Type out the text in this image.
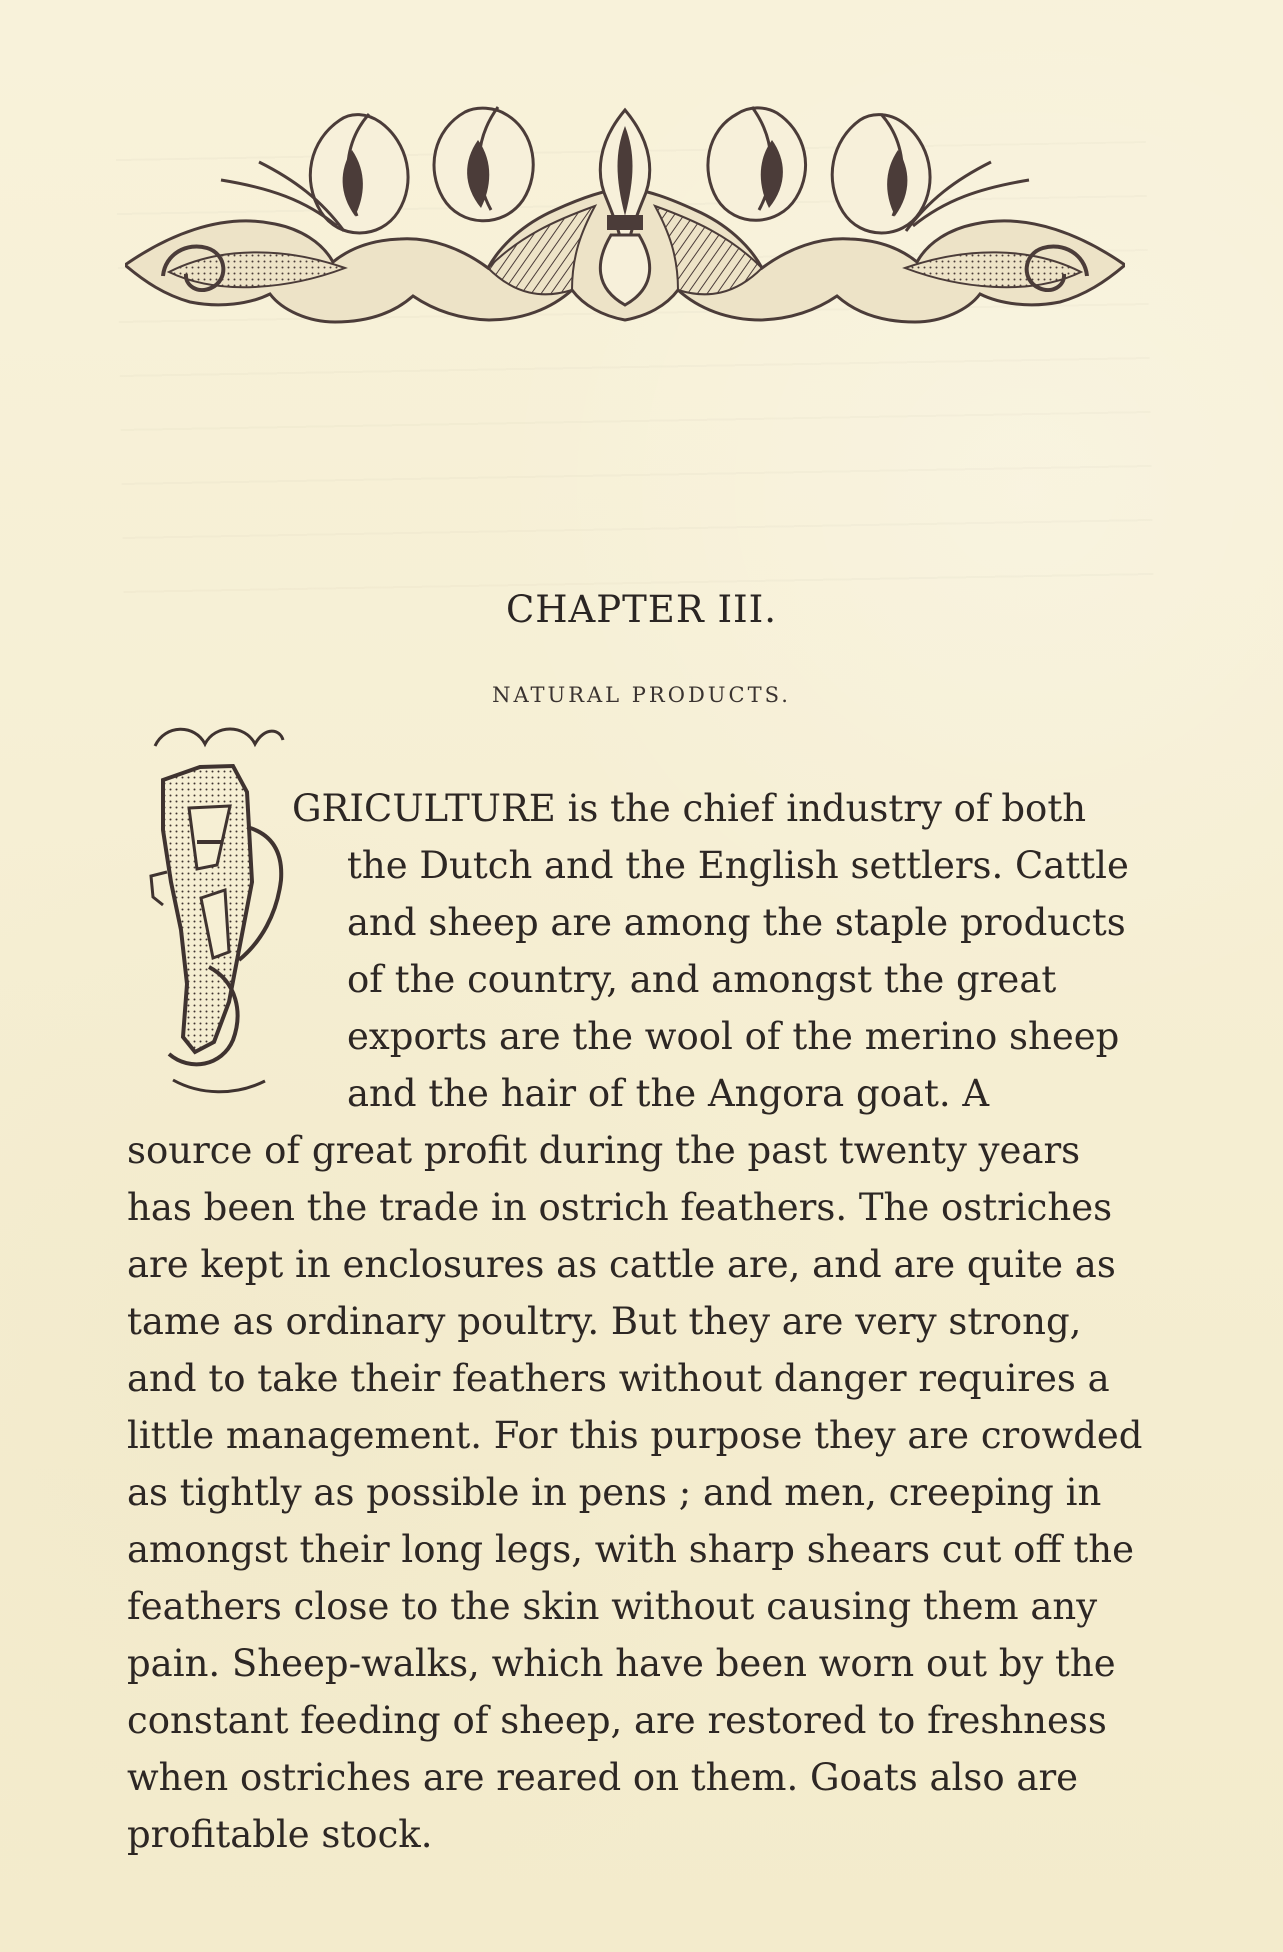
CHAPTER III.
NATURAL PRODUCTS.
GRICULTURE is the chief industry of both
the Dutch and the English settlers. Cattle
and sheep are among the staple products
of the country, and amongst the great
exports are the wool of the merino sheep
and the hair of the Angora goat. A
source of great profit during the past twenty years
has been the trade in ostrich feathers. The ostriches
are kept in enclosures as cattle are, and are quite as
tame as ordinary poultry. But they are very strong,
and to take their feathers without danger requires a
little management. For this purpose they are crowded
as tightly as possible in pens ; and men, creeping in
amongst their long legs, with sharp shears cut off the
feathers close to the skin without causing them any
pain. Sheep-walks, which have been worn out by the
constant feeding of sheep, are restored to freshness
when ostriches are reared on them. Goats also are
profitable stock.
